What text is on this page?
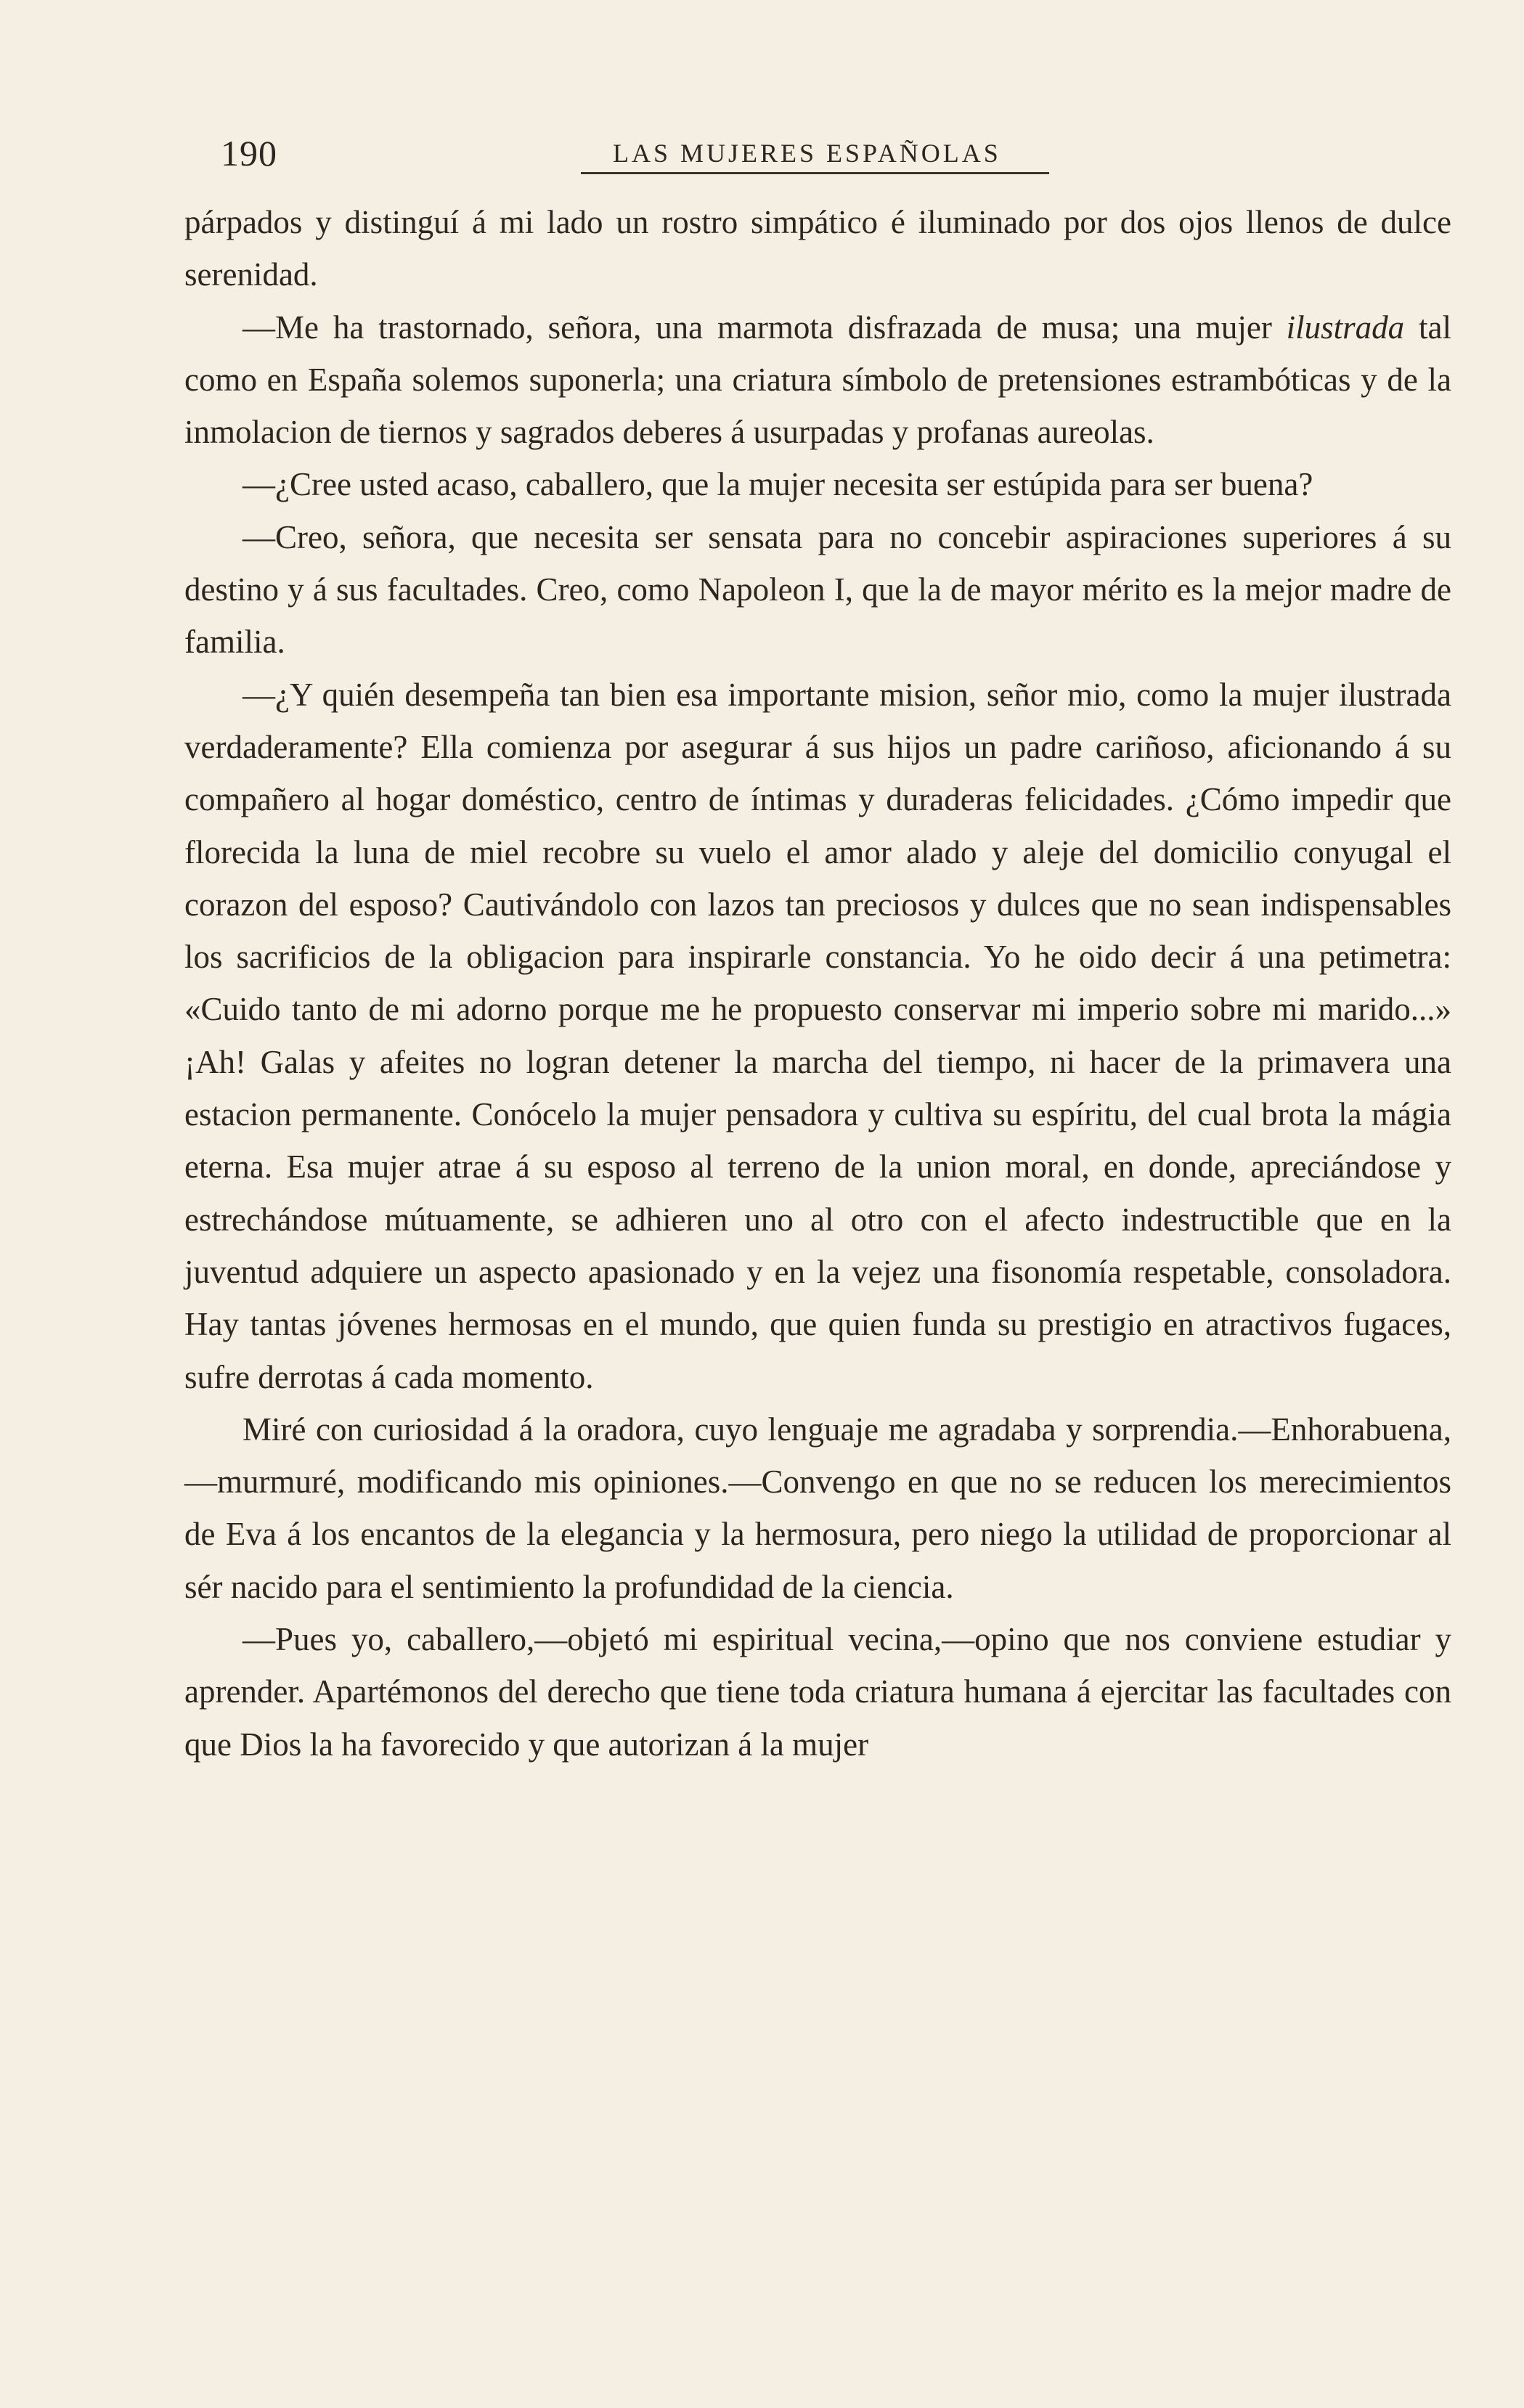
190	LAS MUJERES ESPAÑOLAS

párpados y distinguí á mi lado un rostro simpático é iluminado por dos ojos llenos de dulce serenidad.

—Me ha trastornado, señora, una marmota disfrazada de musa; una mujer ilustrada tal como en España solemos suponerla; una criatura símbolo de pretensiones estrambóticas y de la inmolacion de tiernos y sagrados deberes á usurpadas y profanas aureolas.

—¿Cree usted acaso, caballero, que la mujer necesita ser estúpida para ser buena?

—Creo, señora, que necesita ser sensata para no concebir aspiraciones superiores á su destino y á sus facultades. Creo, como Napoleon I, que la de mayor mérito es la mejor madre de familia.

—¿Y quién desempeña tan bien esa importante mision, señor mio, como la mujer ilustrada verdaderamente? Ella comienza por asegurar á sus hijos un padre cariñoso, aficionando á su compañero al hogar doméstico, centro de íntimas y duraderas felicidades. ¿Cómo impedir que florecida la luna de miel recobre su vuelo el amor alado y aleje del domicilio conyugal el corazon del esposo? Cautivándolo con lazos tan preciosos y dulces que no sean indispensables los sacrificios de la obligacion para inspirarle constancia. Yo he oido decir á una petimetra: «Cuido tanto de mi adorno porque me he propuesto conservar mi imperio sobre mi marido...» ¡Ah! Galas y afeites no logran detener la marcha del tiempo, ni hacer de la primavera una estacion permanente. Conócelo la mujer pensadora y cultiva su espíritu, del cual brota la mágia eterna. Esa mujer atrae á su esposo al terreno de la union moral, en donde, apreciándose y estrechándose mútuamente, se adhieren uno al otro con el afecto indestructible que en la juventud adquiere un aspecto apasionado y en la vejez una fisonomía respetable, consoladora. Hay tantas jóvenes hermosas en el mundo, que quien funda su prestigio en atractivos fugaces, sufre derrotas á cada momento.

Miré con curiosidad á la oradora, cuyo lenguaje me agradaba y sorprendia.—Enhorabuena,—murmuré, modificando mis opiniones.—Convengo en que no se reducen los merecimientos de Eva á los encantos de la elegancia y la hermosura, pero niego la utilidad de proporcionar al sér nacido para el sentimiento la profundidad de la ciencia.

—Pues yo, caballero,—objetó mi espiritual vecina,—opino que nos conviene estudiar y aprender. Apartémonos del derecho que tiene toda criatura humana á ejercitar las facultades con que Dios la ha favorecido y que autorizan á la mujer
